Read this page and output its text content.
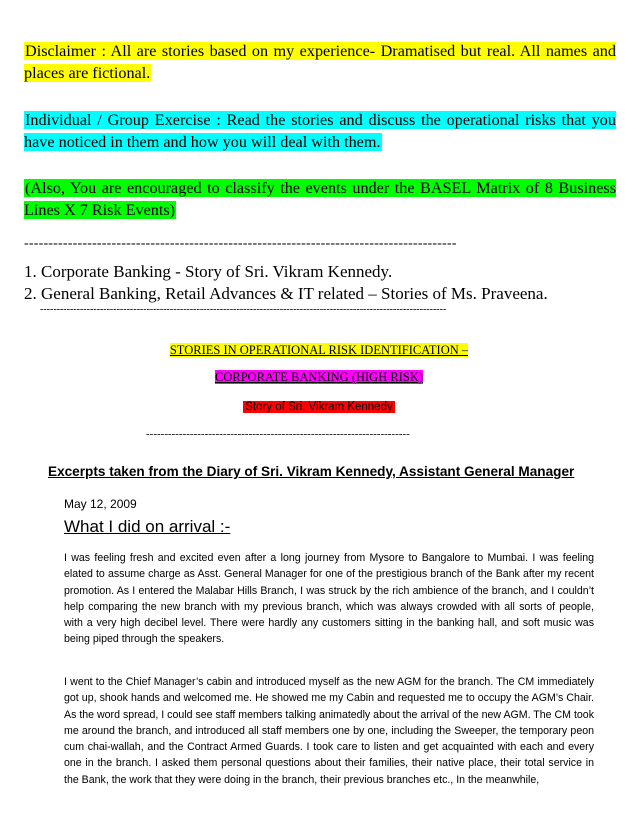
Disclaimer : All are stories based on my experience- Dramatised but real. All names and places are fictional.
Individual / Group Exercise : Read the stories and discuss the operational risks that you have noticed in them and how you will deal with them.
(Also, You are encouraged to classify the events under the BASEL Matrix of 8 Business Lines X 7 Risk Events)
-----------------------------------------------------------------------------------------
1. Corporate Banking - Story of Sri. Vikram Kennedy.
2. General Banking, Retail Advances & IT related – Stories of Ms. Praveena.
--------------------------------------------------------------------------------------------------------------------------
STORIES IN OPERATIONAL RISK IDENTIFICATION –
CORPORATE BANKING (HIGH RISK)
Story of Sri. Vikram Kennedy
------------------------------------------------------------------------
Excerpts taken from the Diary of Sri. Vikram Kennedy, Assistant General Manager
May 12, 2009
What I did on arrival :-
I was feeling fresh and excited even after a long journey from Mysore to Bangalore to Mumbai. I was feeling elated to assume charge as Asst. General Manager for one of the prestigious branch of the Bank after my recent promotion. As I entered the Malabar Hills Branch, I was struck by the rich ambience of the branch, and I couldn’t help comparing the new branch with my previous branch, which was always crowded with all sorts of people, with a very high decibel level. There were hardly any customers sitting in the banking hall, and soft music was being piped through the speakers.
I went to the Chief Manager’s cabin and introduced myself as the new AGM for the branch. The CM immediately got up, shook hands and welcomed me. He showed me my Cabin and requested me to occupy the AGM’s Chair. As the word spread, I could see staff members talking animatedly about the arrival of the new AGM. The CM took me around the branch, and introduced all staff members one by one, including the Sweeper, the temporary peon cum chai-wallah, and the Contract Armed Guards. I took care to listen and get acquainted with each and every one in the branch. I asked them personal questions about their families, their native place, their total service in the Bank, the work that they were doing in the branch, their previous branches etc., In the meanwhile,
